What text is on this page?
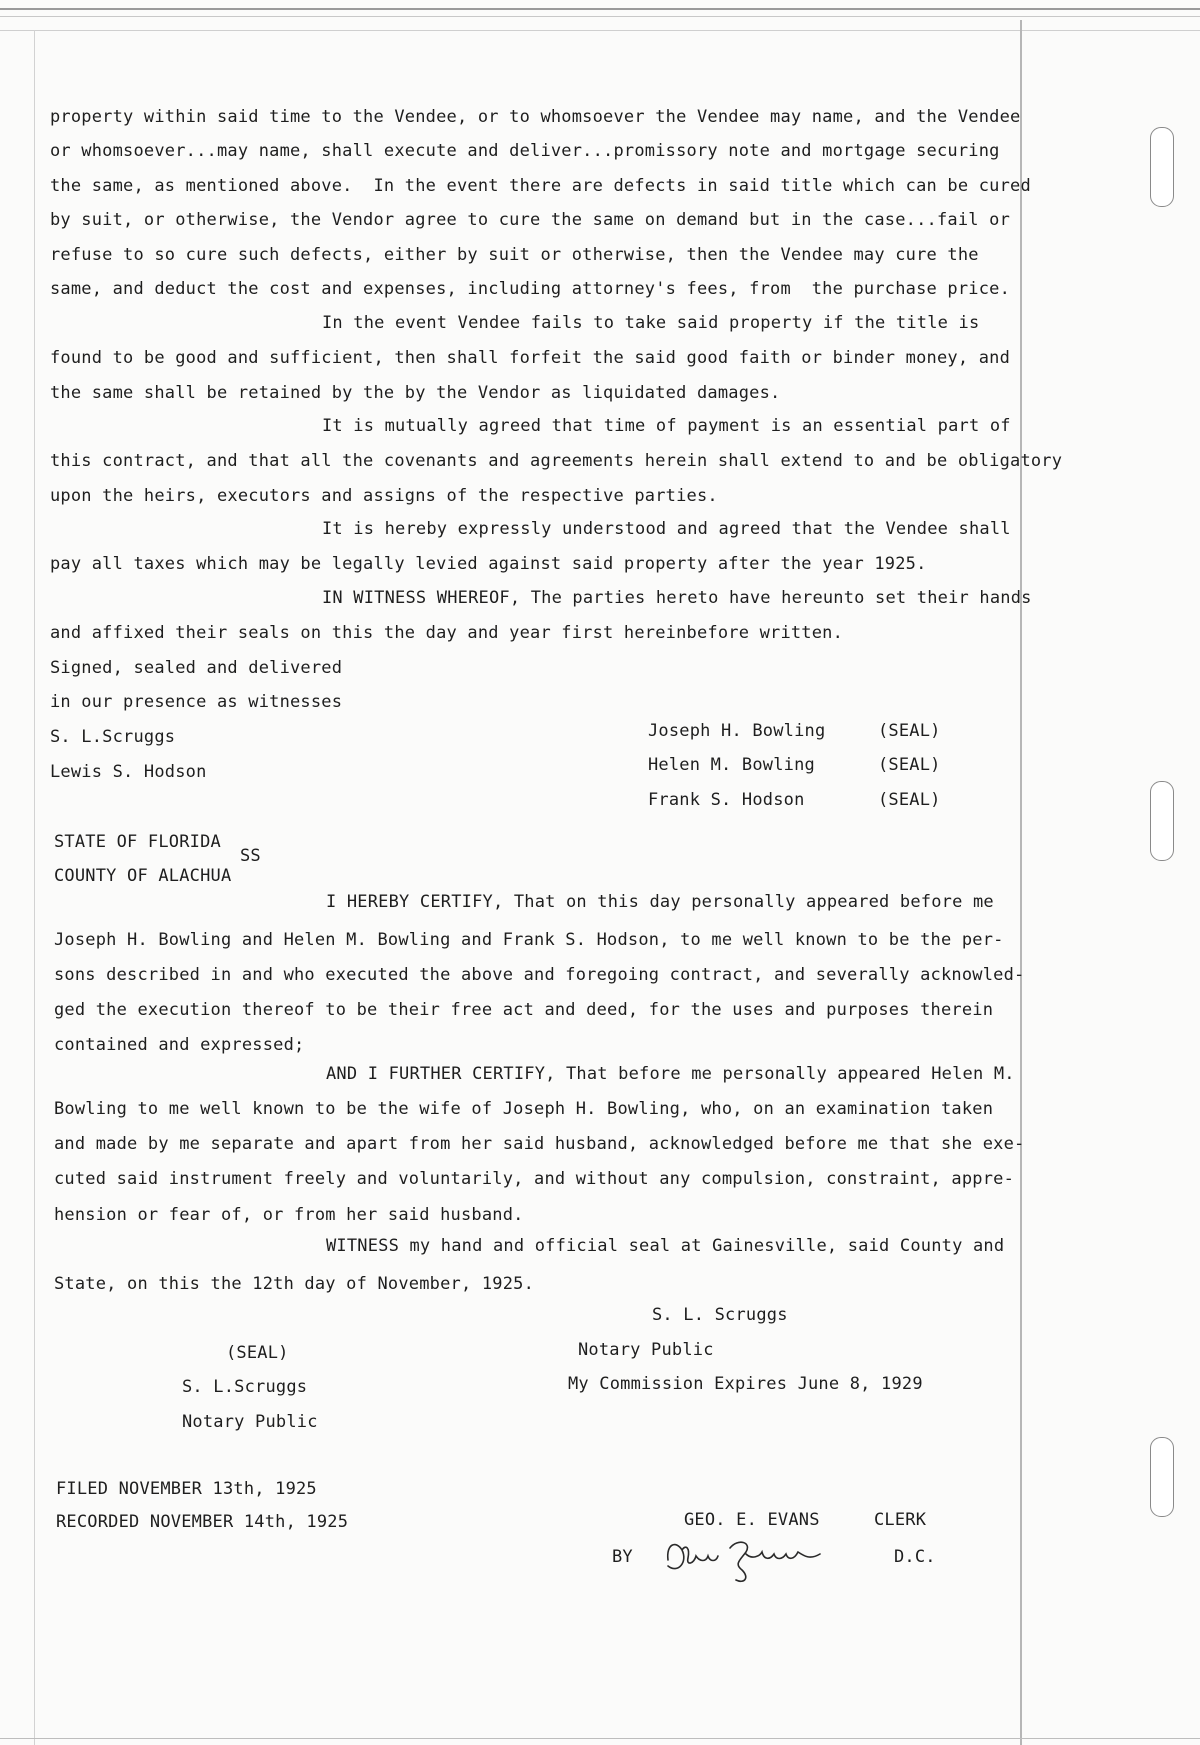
property within said time to the Vendee, or to whomsoever the Vendee may name, and the Vendee
or whomsoever...may name, shall execute and deliver...promissory note and mortgage securing
the same, as mentioned above.  In the event there are defects in said title which can be cured
by suit, or otherwise, the Vendor agree to cure the same on demand but in the case...fail or
refuse to so cure such defects, either by suit or otherwise, then the Vendee may cure the
same, and deduct the cost and expenses, including attorney's fees, from  the purchase price.
In the event Vendee fails to take said property if the title is
found to be good and sufficient, then shall forfeit the said good faith or binder money, and
the same shall be retained by the by the Vendor as liquidated damages.
It is mutually agreed that time of payment is an essential part of
this contract, and that all the covenants and agreements herein shall extend to and be obligatory
upon the heirs, executors and assigns of the respective parties.
It is hereby expressly understood and agreed that the Vendee shall
pay all taxes which may be legally levied against said property after the year 1925.
IN WITNESS WHEREOF, The parties hereto have hereunto set their hands
and affixed their seals on this the day and year first hereinbefore written.
Signed, sealed and delivered
in our presence as witnesses
S. L.Scruggs
Lewis S. Hodson
Joseph H. Bowling	(SEAL)
Helen M. Bowling	(SEAL)
Frank S. Hodson	(SEAL)
STATE OF FLORIDA
SS
COUNTY OF ALACHUA
I HEREBY CERTIFY, That on this day personally appeared before me
Joseph H. Bowling and Helen M. Bowling and Frank S. Hodson, to me well known to be the per-
sons described in and who executed the above and foregoing contract, and severally acknowled-
ged the execution thereof to be their free act and deed, for the uses and purposes therein
contained and expressed;
AND I FURTHER CERTIFY, That before me personally appeared Helen M.
Bowling to me well known to be the wife of Joseph H. Bowling, who, on an examination taken
and made by me separate and apart from her said husband, acknowledged before me that she exe-
cuted said instrument freely and voluntarily, and without any compulsion, constraint, appre-
hension or fear of, or from her said husband.
WITNESS my hand and official seal at Gainesville, said County and
State, on this the 12th day of November, 1925.
S. L. Scruggs
Notary Public
My Commission Expires June 8, 1929
(SEAL)
S. L.Scruggs
Notary Public
FILED NOVEMBER 13th, 1925
RECORDED NOVEMBER 14th, 1925	GEO. E. EVANS	CLERK
BY	D.C.
